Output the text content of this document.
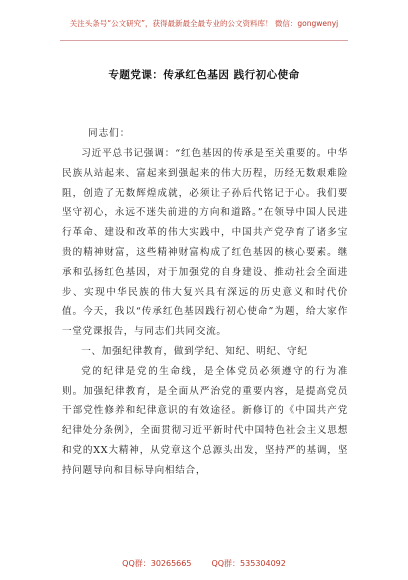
关注头条号“公文研究”，获得最新最全最专业的公文资料库！ 微信：gongwenyj
专题党课：传承红色基因 践行初心使命
同志们：

习近平总书记强调：“红色基因的传承是至关重要的。中华民族从站起来、富起来到强起来的伟大历程，历经无数艰难险阻，创造了无数辉煌成就，必须让子孙后代铭记于心。我们要坚守初心，永远不迷失前进的方向和道路。”在领导中国人民进行革命、建设和改革的伟大实践中，中国共产党孕育了诸多宝贵的精神财富，这些精神财富构成了红色基因的核心要素。继承和弘扬红色基因，对于加强党的自身建设、推动社会全面进步、实现中华民族的伟大复兴具有深远的历史意义和时代价值。今天，我以“传承红色基因践行初心使命”为题，给大家作一堂党课报告，与同志们共同交流。

一、加强纪律教育，做到学纪、知纪、明纪、守纪

党的纪律是党的生命线，是全体党员必须遵守的行为准则。加强纪律教育，是全面从严治党的重要内容，是提高党员干部党性修养和纪律意识的有效途径。新修订的《中国共产党纪律处分条例》，全面贯彻习近平新时代中国特色社会主义思想和党的XX大精神，从党章这个总源头出发，坚持严的基调，坚持问题导向和目标导向相结合，

QQ群：30265665	QQ群：535304092
